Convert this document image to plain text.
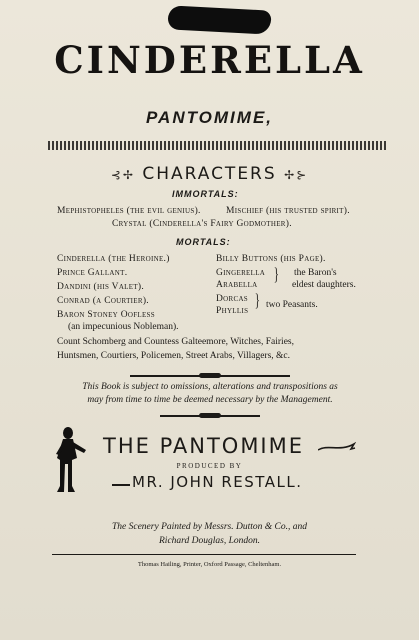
CINDERELLA
PANTOMIME,
⊰✢ CHARACTERS ✢⊱
IMMORTALS:
Mephistopheles (the evil genius).	Mischief (his trusted spirit).
Crystal (Cinderella's Fairy Godmother).
MORTALS:
Cinderella (the Heroine.)
Prince Gallant.
Dandini (his Valet).
Conrad (a Courtier).
Baron Stoney Oofless
(an impecunious Nobleman).
Billy Buttons (his Page).
Gingerella
Arabella
} the Baron's
eldest daughters.
Dorcas
Phyllis
} two Peasants.
Count Schomberg and Countess Galteemore, Witches, Fairies,
Huntsmen, Courtiers, Policemen, Street Arabs, Villagers, &c.
This Book is subject to omissions, alterations and transpositions as
may from time to time be deemed necessary by the Management.
THE PANTOMIME
PRODUCED BY
MR. JOHN RESTALL.
The Scenery Painted by Messrs. Dutton & Co., and
Richard Douglas, London.
Thomas Hailing, Printer, Oxford Passage, Cheltenham.
